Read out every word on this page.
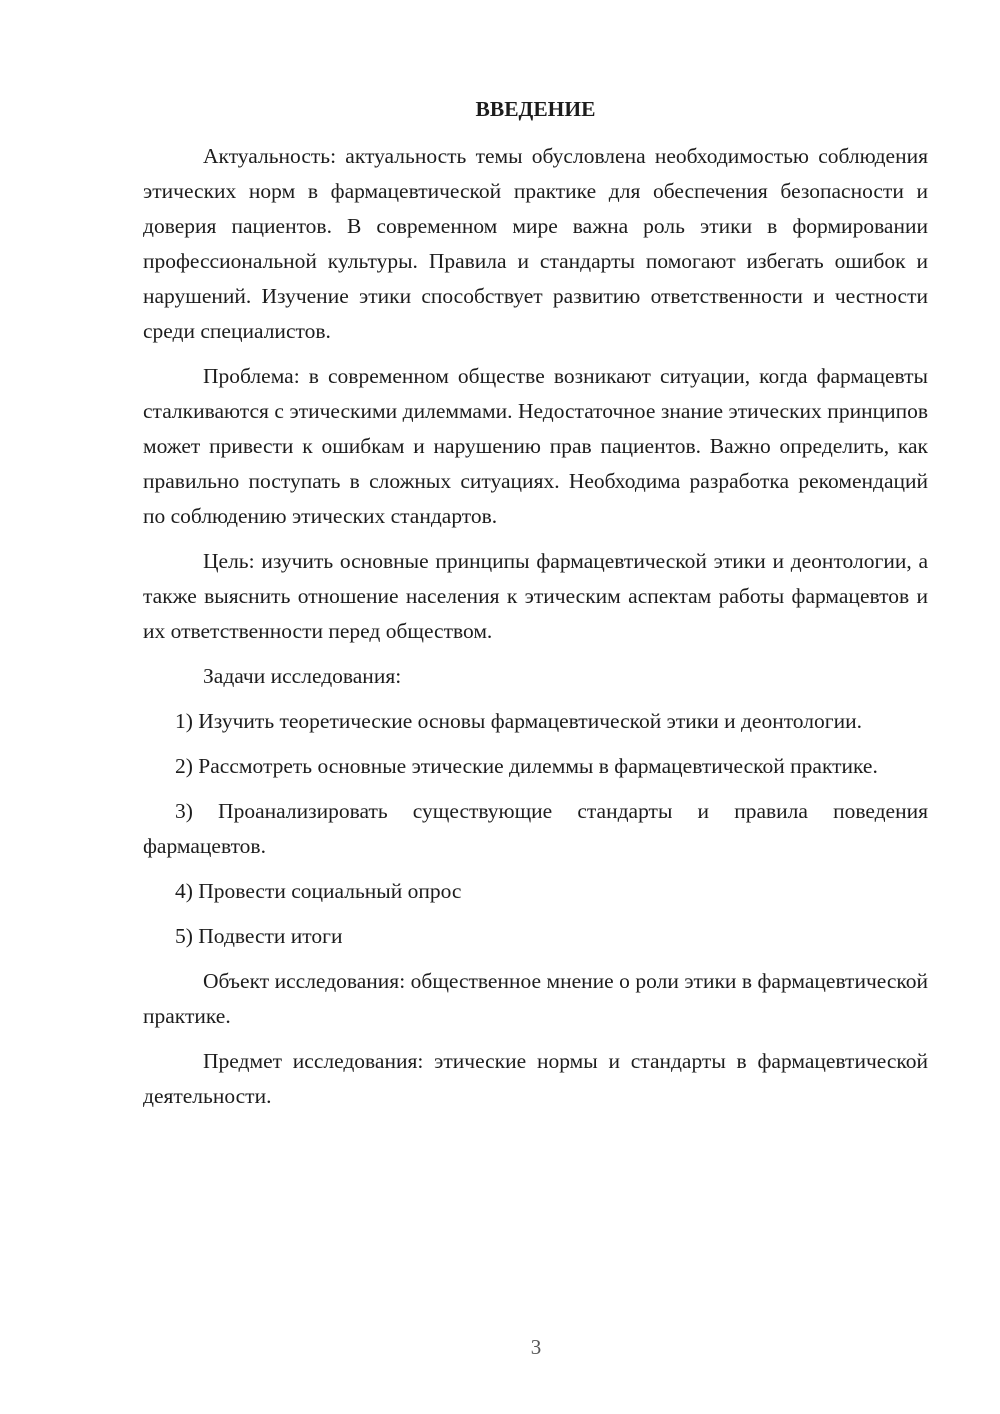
ВВЕДЕНИЕ

Актуальность: актуальность темы обусловлена необходимостью соблюдения этических норм в фармацевтической практике для обеспечения безопасности и доверия пациентов. В современном мире важна роль этики в формировании профессиональной культуры. Правила и стандарты помогают избегать ошибок и нарушений. Изучение этики способствует развитию ответственности и честности среди специалистов.

Проблема: в современном обществе возникают ситуации, когда фармацевты сталкиваются с этическими дилеммами. Недостаточное знание этических принципов может привести к ошибкам и нарушению прав пациентов. Важно определить, как правильно поступать в сложных ситуациях. Необходима разработка рекомендаций по соблюдению этических стандартов.

Цель: изучить основные принципы фармацевтической этики и деонтологии, а также выяснить отношение населения к этическим аспектам работы фармацевтов и их ответственности перед обществом.

Задачи исследования:

1) Изучить теоретические основы фармацевтической этики и деонтологии.

2) Рассмотреть основные этические дилеммы в фармацевтической практике.

3) Проанализировать существующие стандарты и правила поведения фармацевтов.

4) Провести социальный опрос

5) Подвести итоги

Объект исследования: общественное мнение о роли этики в фармацевтической практике.

Предмет исследования: этические нормы и стандарты в фармацевтической деятельности.

3
